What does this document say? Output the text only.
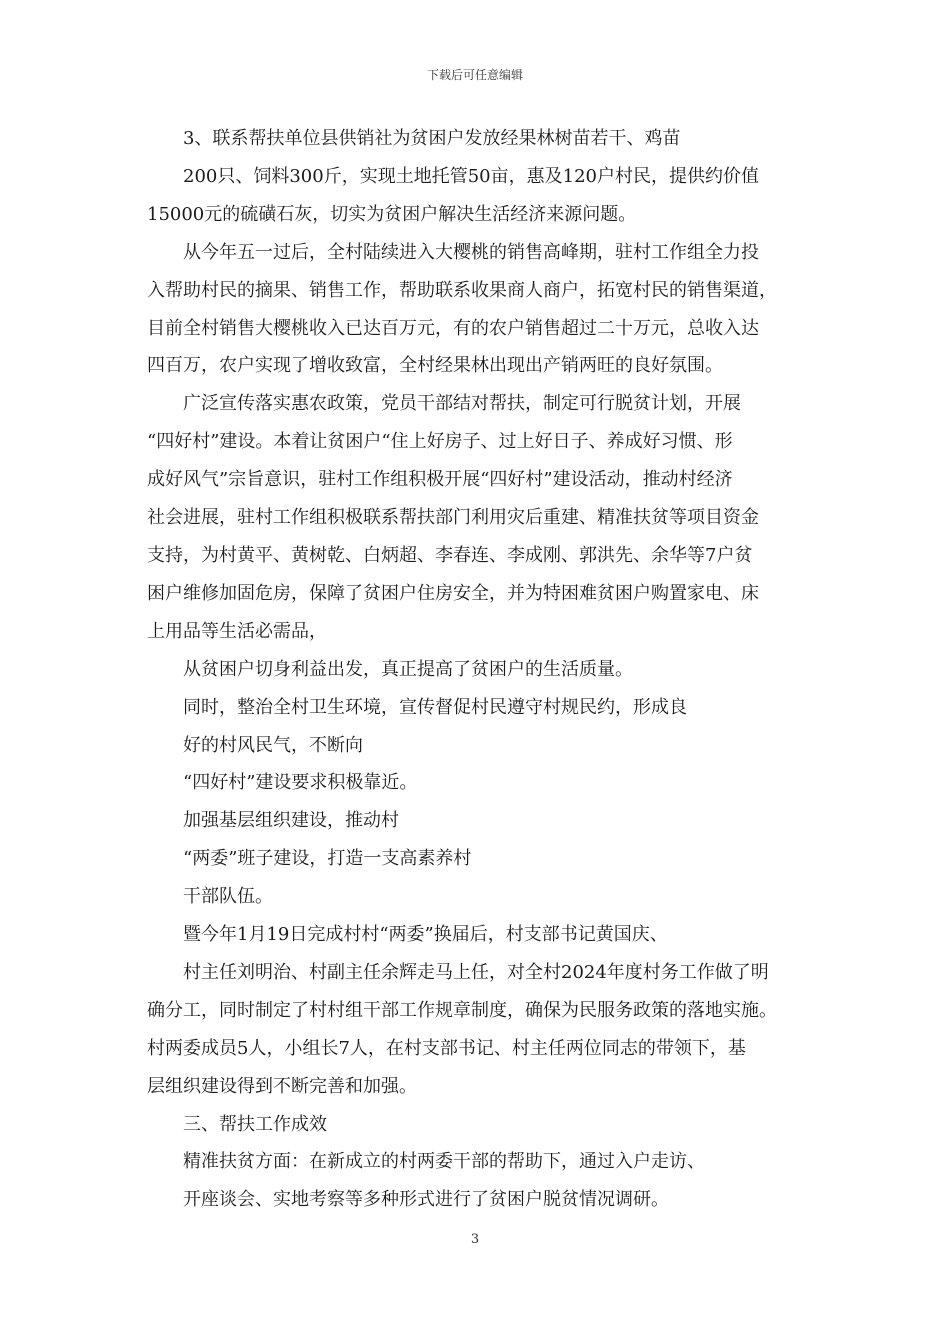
下载后可任意编辑

3、联系帮扶单位县供销社为贫困户发放经果林树苗若干、鸡苗

200只、饲料300斤，实现土地托管50亩，惠及120户村民，提供约价值

15000元的硫磺石灰，切实为贫困户解决生活经济来源问题。

从今年五一过后，全村陆续进入大樱桃的销售高峰期，驻村工作组全力投

入帮助村民的摘果、销售工作，帮助联系收果商人商户，拓宽村民的销售渠道，

目前全村销售大樱桃收入已达百万元，有的农户销售超过二十万元，总收入达

四百万，农户实现了增收致富，全村经果林出现出产销两旺的良好氛围。

广泛宣传落实惠农政策，党员干部结对帮扶，制定可行脱贫计划，开展

“四好村”建设。本着让贫困户“住上好房子、过上好日子、养成好习惯、形

成好风气”宗旨意识，驻村工作组积极开展“四好村”建设活动，推动村经济

社会进展，驻村工作组积极联系帮扶部门利用灾后重建、精准扶贫等项目资金

支持，为村黄平、黄树乾、白炳超、李春连、李成刚、郭洪先、余华等7户贫

困户维修加固危房，保障了贫困户住房安全，并为特困难贫困户购置家电、床

上用品等生活必需品，

从贫困户切身利益出发，真正提高了贫困户的生活质量。

同时，整治全村卫生环境，宣传督促村民遵守村规民约，形成良

好的村风民气，不断向

“四好村”建设要求积极靠近。

加强基层组织建设，推动村

“两委”班子建设，打造一支高素养村

干部队伍。

暨今年1月19日完成村村“两委”换届后，村支部书记黄国庆、

村主任刘明治、村副主任余辉走马上任，对全村2024年度村务工作做了明

确分工，同时制定了村村组干部工作规章制度，确保为民服务政策的落地实施。

村两委成员5人，小组长7人，在村支部书记、村主任两位同志的带领下，基

层组织建设得到不断完善和加强。

三、帮扶工作成效

精准扶贫方面：在新成立的村两委干部的帮助下，通过入户走访、

开座谈会、实地考察等多种形式进行了贫困户脱贫情况调研。

3
